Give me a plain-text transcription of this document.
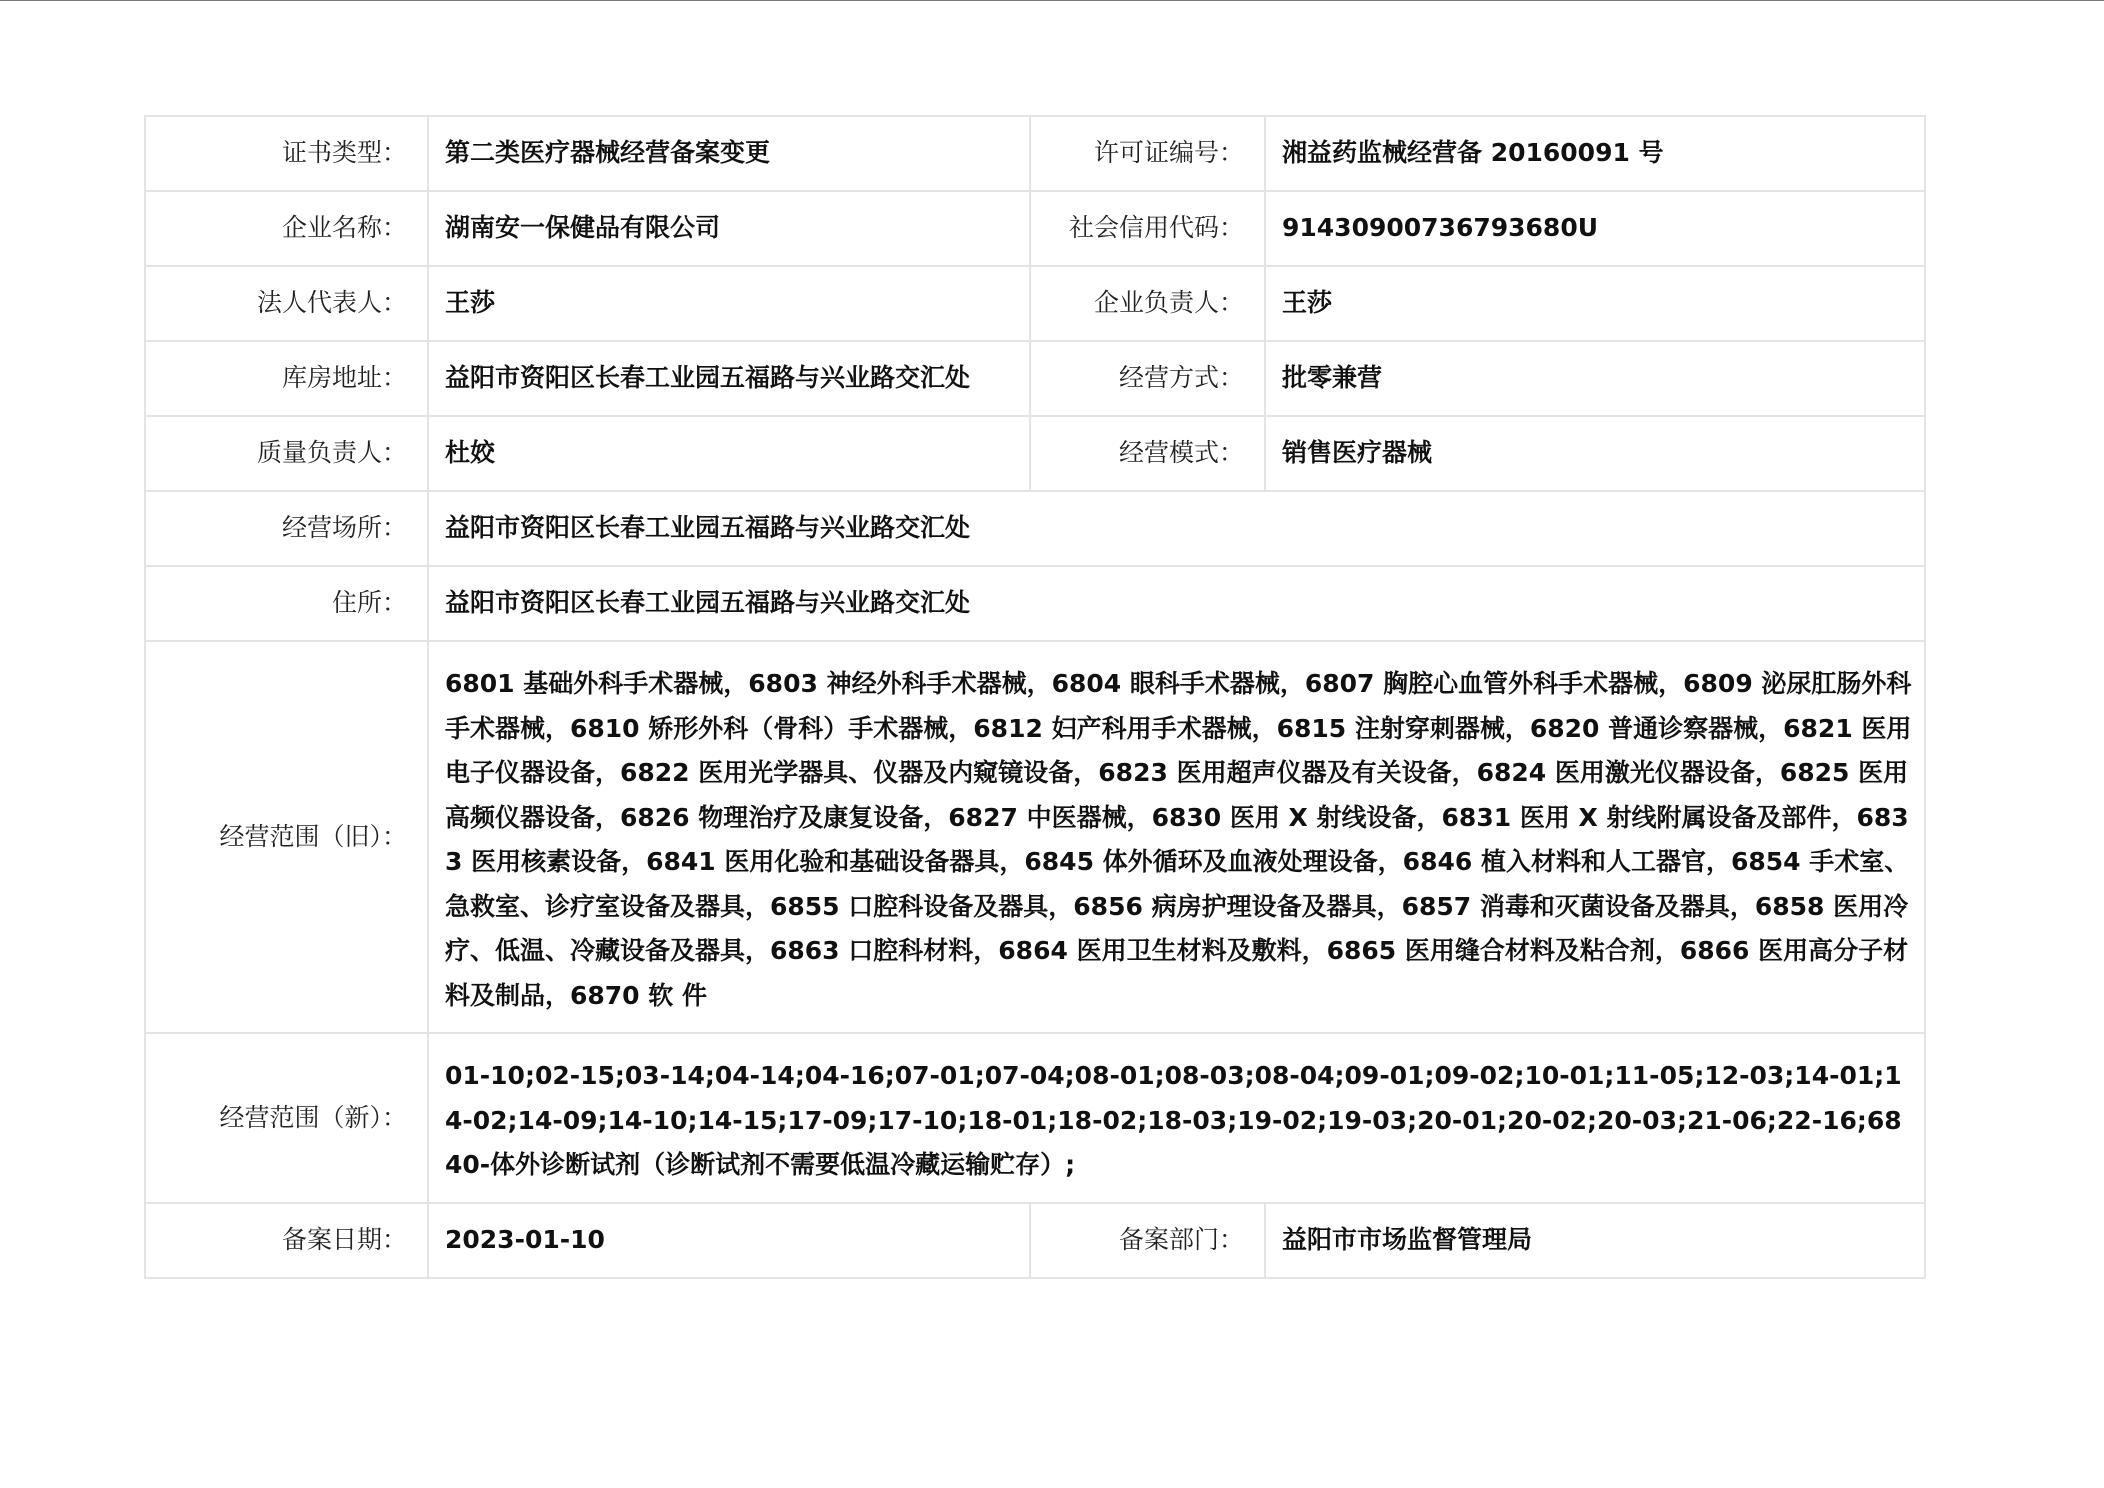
证书类型：	第二类医疗器械经营备案变更	许可证编号：	湘益药监械经营备 20160091 号
企业名称：	湖南安一保健品有限公司	社会信用代码：	91430900736793680U
法人代表人：	王莎	企业负责人：	王莎
库房地址：	益阳市资阳区长春工业园五福路与兴业路交汇处	经营方式：	批零兼营
质量负责人：	杜姣	经营模式：	销售医疗器械
经营场所：	益阳市资阳区长春工业园五福路与兴业路交汇处		
住所：	益阳市资阳区长春工业园五福路与兴业路交汇处		
经营范围（旧）：	6801 基础外科手术器械，6803 神经外科手术器械，6804 眼科手术器械，6807 胸腔心血管外科手术器械，6809 泌尿肛肠外科手术器械，6810 矫形外科（骨科）手术器械，6812 妇产科用手术器械，6815 注射穿刺器械，6820 普通诊察器械，6821 医用电子仪器设备，6822 医用光学器具、仪器及内窥镜设备，6823 医用超声仪器及有关设备，6824 医用激光仪器设备，6825 医用高频仪器设备，6826 物理治疗及康复设备，6827 中医器械，6830 医用 X 射线设备，6831 医用 X 射线附属设备及部件，6833 医用核素设备，6841 医用化验和基础设备器具，6845 体外循环及血液处理设备，6846 植入材料和人工器官，6854 手术室、急救室、诊疗室设备及器具，6855 口腔科设备及器具，6856 病房护理设备及器具，6857 消毒和灭菌设备及器具，6858 医用冷疗、低温、冷藏设备及器具，6863 口腔科材料，6864 医用卫生材料及敷料，6865 医用缝合材料及粘合剂，6866 医用高分子材料及制品，6870 软 件		
经营范围（新）：	01-10;02-15;03-14;04-14;04-16;07-01;07-04;08-01;08-03;08-04;09-01;09-02;10-01;11-05;12-03;14-01;14-02;14-09;14-10;14-15;17-09;17-10;18-01;18-02;18-03;19-02;19-03;20-01;20-02;20-03;21-06;22-16;6840-体外诊断试剂（诊断试剂不需要低温冷藏运输贮存）;		
备案日期：	2023-01-10	备案部门：	益阳市市场监督管理局
